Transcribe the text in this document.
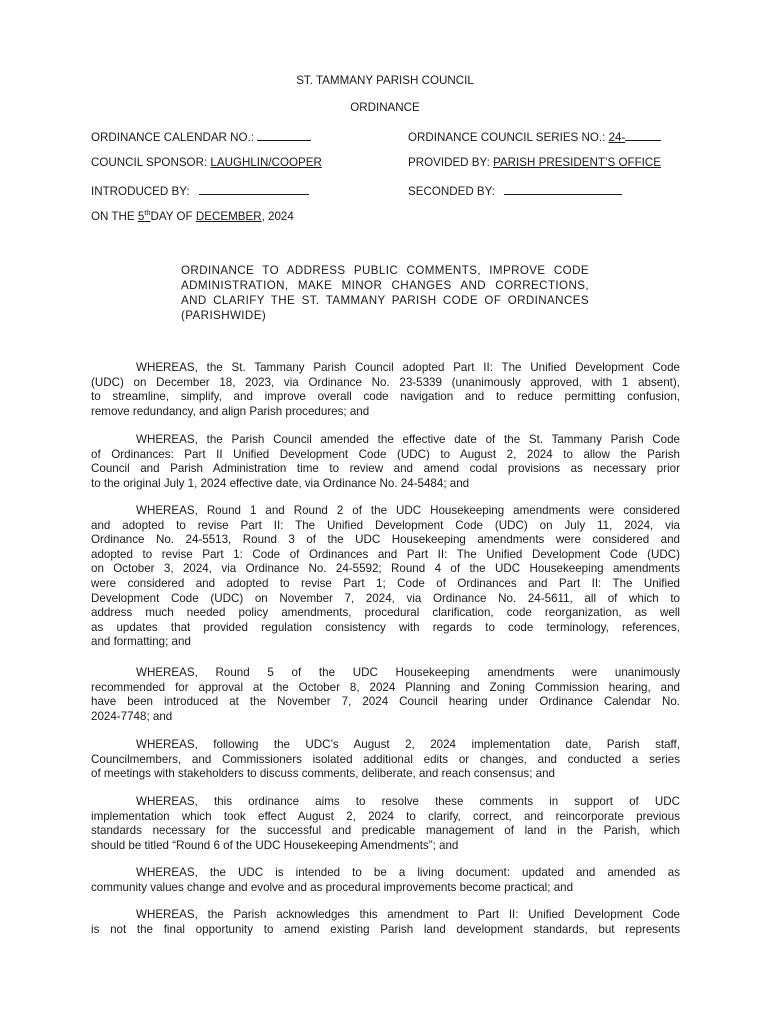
ST. TAMMANY PARISH COUNCIL
ORDINANCE
ORDINANCE CALENDAR NO.:	ORDINANCE COUNCIL SERIES NO.: 24-
COUNCIL SPONSOR: LAUGHLIN/COOPER	PROVIDED BY: PARISH PRESIDENT’S OFFICE
INTRODUCED BY:	SECONDED BY:
ON THE 5thDAY OF DECEMBER, 2024
ORDINANCE TO ADDRESS PUBLIC COMMENTS, IMPROVE CODE
ADMINISTRATION, MAKE MINOR CHANGES AND CORRECTIONS,
AND CLARIFY THE ST. TAMMANY PARISH CODE OF ORDINANCES
(PARISHWIDE)
WHEREAS, the St. Tammany Parish Council adopted Part II: The Unified Development Code
(UDC) on December 18, 2023, via Ordinance No. 23-5339 (unanimously approved, with 1 absent),
to streamline, simplify, and improve overall code navigation and to reduce permitting confusion,
remove redundancy, and align Parish procedures; and
WHEREAS, the Parish Council amended the effective date of the St. Tammany Parish Code
of Ordinances: Part II Unified Development Code (UDC) to August 2, 2024 to allow the Parish
Council and Parish Administration time to review and amend codal provisions as necessary prior
to the original July 1, 2024 effective date, via Ordinance No. 24-5484; and
WHEREAS, Round 1 and Round 2 of the UDC Housekeeping amendments were considered
and adopted to revise Part II: The Unified Development Code (UDC) on July 11, 2024, via
Ordinance No. 24-5513, Round 3 of the UDC Housekeeping amendments were considered and
adopted to revise Part 1: Code of Ordinances and Part II: The Unified Development Code (UDC)
on October 3, 2024, via Ordinance No. 24-5592; Round 4 of the UDC Housekeeping amendments
were considered and adopted to revise Part 1; Code of Ordinances and Part II: The Unified
Development Code (UDC) on November 7, 2024, via Ordinance No. 24-5611, all of which to
address much needed policy amendments, procedural clarification, code reorganization, as well
as updates that provided regulation consistency with regards to code terminology, references,
and formatting; and
WHEREAS, Round 5 of the UDC Housekeeping amendments were unanimously
recommended for approval at the October 8, 2024 Planning and Zoning Commission hearing, and
have been introduced at the November 7, 2024 Council hearing under Ordinance Calendar No.
2024-7748; and
WHEREAS, following the UDC’s August 2, 2024 implementation date, Parish staff,
Councilmembers, and Commissioners isolated additional edits or changes, and conducted a series
of meetings with stakeholders to discuss comments, deliberate, and reach consensus; and
WHEREAS, this ordinance aims to resolve these comments in support of UDC
implementation which took effect August 2, 2024 to clarify, correct, and reincorporate previous
standards necessary for the successful and predicable management of land in the Parish, which
should be titled “Round 6 of the UDC Housekeeping Amendments”; and
WHEREAS, the UDC is intended to be a living document: updated and amended as
community values change and evolve and as procedural improvements become practical; and
WHEREAS, the Parish acknowledges this amendment to Part II: Unified Development Code
is not the final opportunity to amend existing Parish land development standards, but represents
